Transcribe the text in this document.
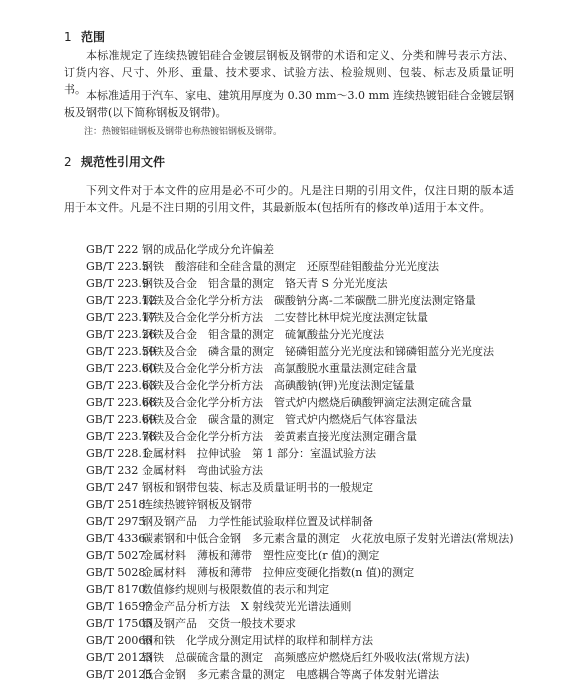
1 范围

本标准规定了连续热镀铝硅合金镀层钢板及钢带的术语和定义、分类和牌号表示方法、订货内容、尺寸、外形、重量、技术要求、试验方法、检验规则、包装、标志及质量证明书。 本标准适用于汽车、家电、建筑用厚度为 0.30 mm～3.0 mm 连续热镀铝硅合金镀层钢板及钢带(以下简称钢板及钢带)。

注：热镀铝硅钢板及钢带也称热镀铝钢板及钢带。
2 规范性引用文件

下列文件对于本文件的应用是必不可少的。凡是注日期的引用文件，仅注日期的版本适用于本文件。凡是不注日期的引用文件，其最新版本(包括所有的修改单)适用于本文件。

GB/T 222 钢的成品化学成分允许偏差
GB/T 223.5
钢铁　酸溶硅和全硅含量的测定　还原型硅钼酸盐分光光度法
GB/T 223.9
钢铁及合金　铝含量的测定　铬天青 S 分光光度法
GB/T 223.12
钢铁及合金化学分析方法　碳酸钠分离-二苯碳酰二肼光度法测定铬量
GB/T 223.17
钢铁及合金化学分析方法　二安替比林甲烷光度法测定钛量
GB/T 223.26
钢铁及合金　钼含量的测定　硫氰酸盐分光光度法
GB/T 223.59
钢铁及合金　磷含量的测定　铋磷钼蓝分光光度法和锑磷钼蓝分光光度法
GB/T 223.60
钢铁及合金化学分析方法　高氯酸脱水重量法测定硅含量
GB/T 223.63
钢铁及合金化学分析方法　高碘酸钠(钾)光度法测定锰量
GB/T 223.68
钢铁及合金化学分析方法　管式炉内燃烧后碘酸钾滴定法测定硫含量
GB/T 223.69
钢铁及合金　碳含量的测定　管式炉内燃烧后气体容量法
GB/T 223.78
钢铁及合金化学分析方法　姜黄素直接光度法测定硼含量
GB/T 228.1
金属材料　拉伸试验　第 1 部分：室温试验方法
GB/T 232 金属材料　弯曲试验方法
GB/T 247 钢板和钢带包装、标志及质量证明书的一般规定
GB/T 2518
连续热镀锌钢板及钢带
GB/T 2975
钢及钢产品　力学性能试验取样位置及试样制备
GB/T 4336
碳素钢和中低合金钢　多元素含量的测定　火花放电原子发射光谱法(常规法)
GB/T 5027
金属材料　薄板和薄带　塑性应变比(r 值)的测定
GB/T 5028
金属材料　薄板和薄带　拉伸应变硬化指数(n 值)的测定
GB/T 8170
数值修约规则与极限数值的表示和判定
GB/T 16597
冶金产品分析方法　X 射线荧光光谱法通则
GB/T 17505
钢及钢产品　交货一般技术要求
GB/T 20066
钢和铁　化学成分测定用试样的取样和制样方法
GB/T 20123
钢铁　总碳硫含量的测定　高频感应炉燃烧后红外吸收法(常规方法)
GB/T 20125
低合金钢　多元素含量的测定　电感耦合等离子体发射光谱法
